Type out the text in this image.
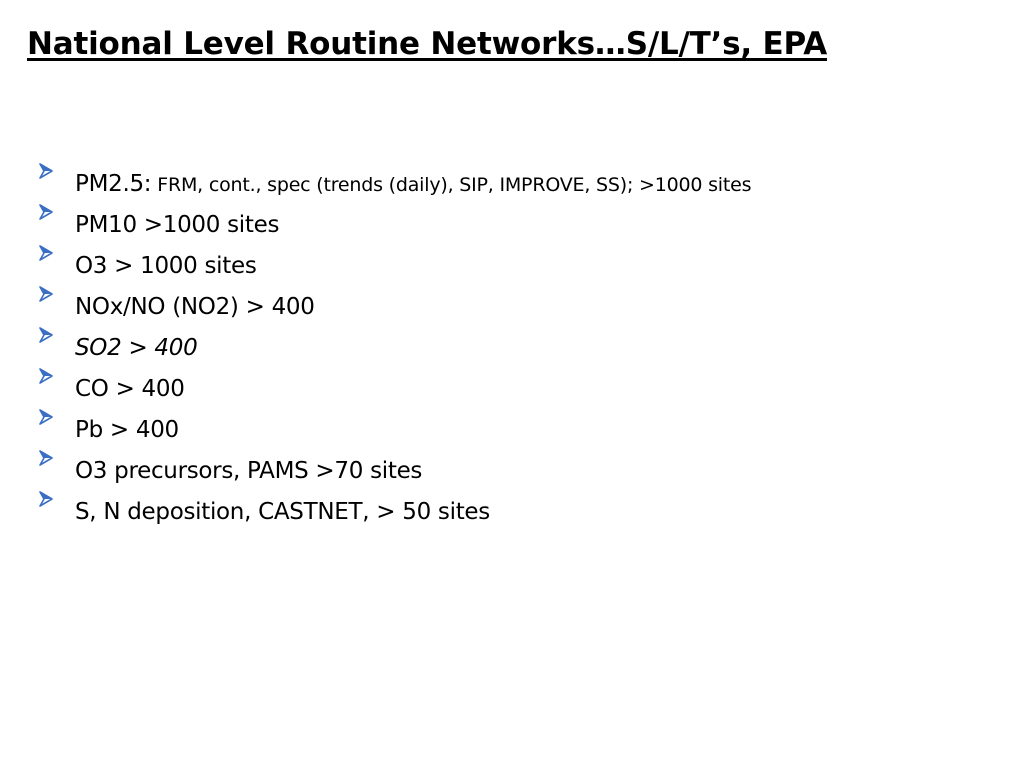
National Level Routine Networks…S/L/T’s, EPA
PM2.5: FRM, cont., spec (trends (daily), SIP, IMPROVE, SS); >1000 sites
PM10 >1000 sites
O3 > 1000 sites
NOx/NO (NO2) > 400
SO2 > 400
CO > 400
Pb > 400
O3 precursors, PAMS >70 sites
S, N deposition, CASTNET, > 50 sites
